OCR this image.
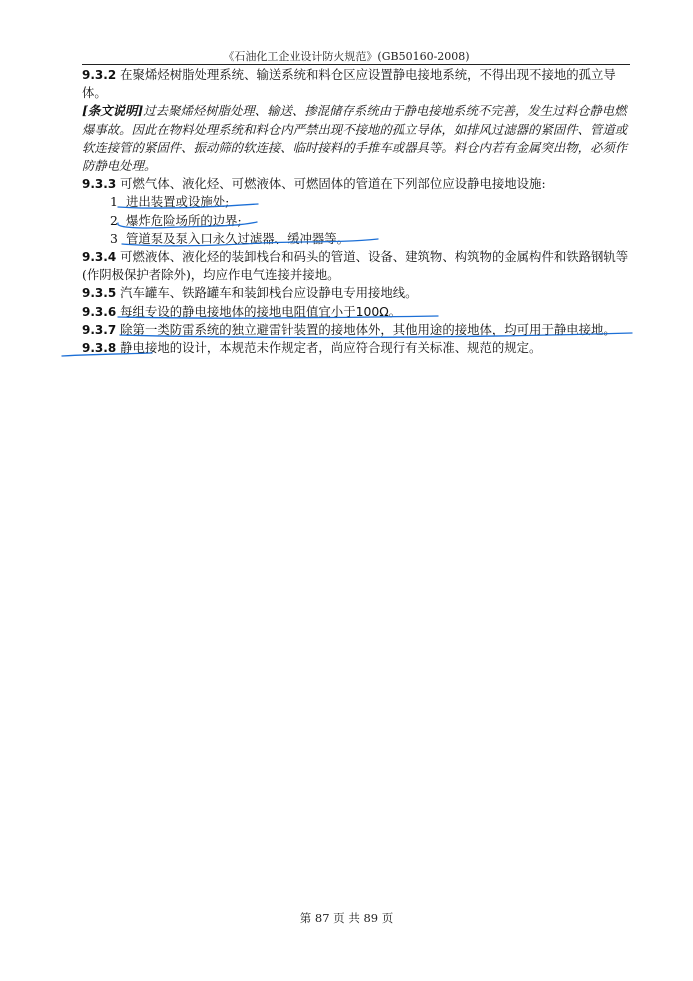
《石油化工企业设计防火规范》(GB50160-2008)

9.3.2 在聚烯烃树脂处理系统、输送系统和料仓区应设置静电接地系统，不得出现不接地的孤立导体。

[条文说明]过去聚烯烃树脂处理、输送、掺混储存系统由于静电接地系统不完善，发生过料仓静电燃爆事故。因此在物料处理系统和料仓内严禁出现不接地的孤立导体，如排风过滤器的紧固件、管道或软连接管的紧固件、振动筛的软连接、临时接料的手推车或器具等。料仓内若有金属突出物，必须作防静电处理。

9.3.3 可燃气体、液化烃、可燃液体、可燃固体的管道在下列部位应设静电接地设施:

1 进出装置或设施处;

2 爆炸危险场所的边界;

3 管道泵及泵入口永久过滤器、缓冲器等。

9.3.4 可燃液体、液化烃的装卸栈台和码头的管道、设备、建筑物、构筑物的金属构件和铁路钢轨等(作阴极保护者除外)，均应作电气连接并接地。

9.3.5 汽车罐车、铁路罐车和装卸栈台应设静电专用接地线。

9.3.6 每组专设的静电接地体的接地电阻值宜小于100Ω。

9.3.7 除第一类防雷系统的独立避雷针装置的接地体外，其他用途的接地体，均可用于静电接地。

9.3.8 静电接地的设计，本规范未作规定者，尚应符合现行有关标准、规范的规定。

第 87 页 共 89 页
